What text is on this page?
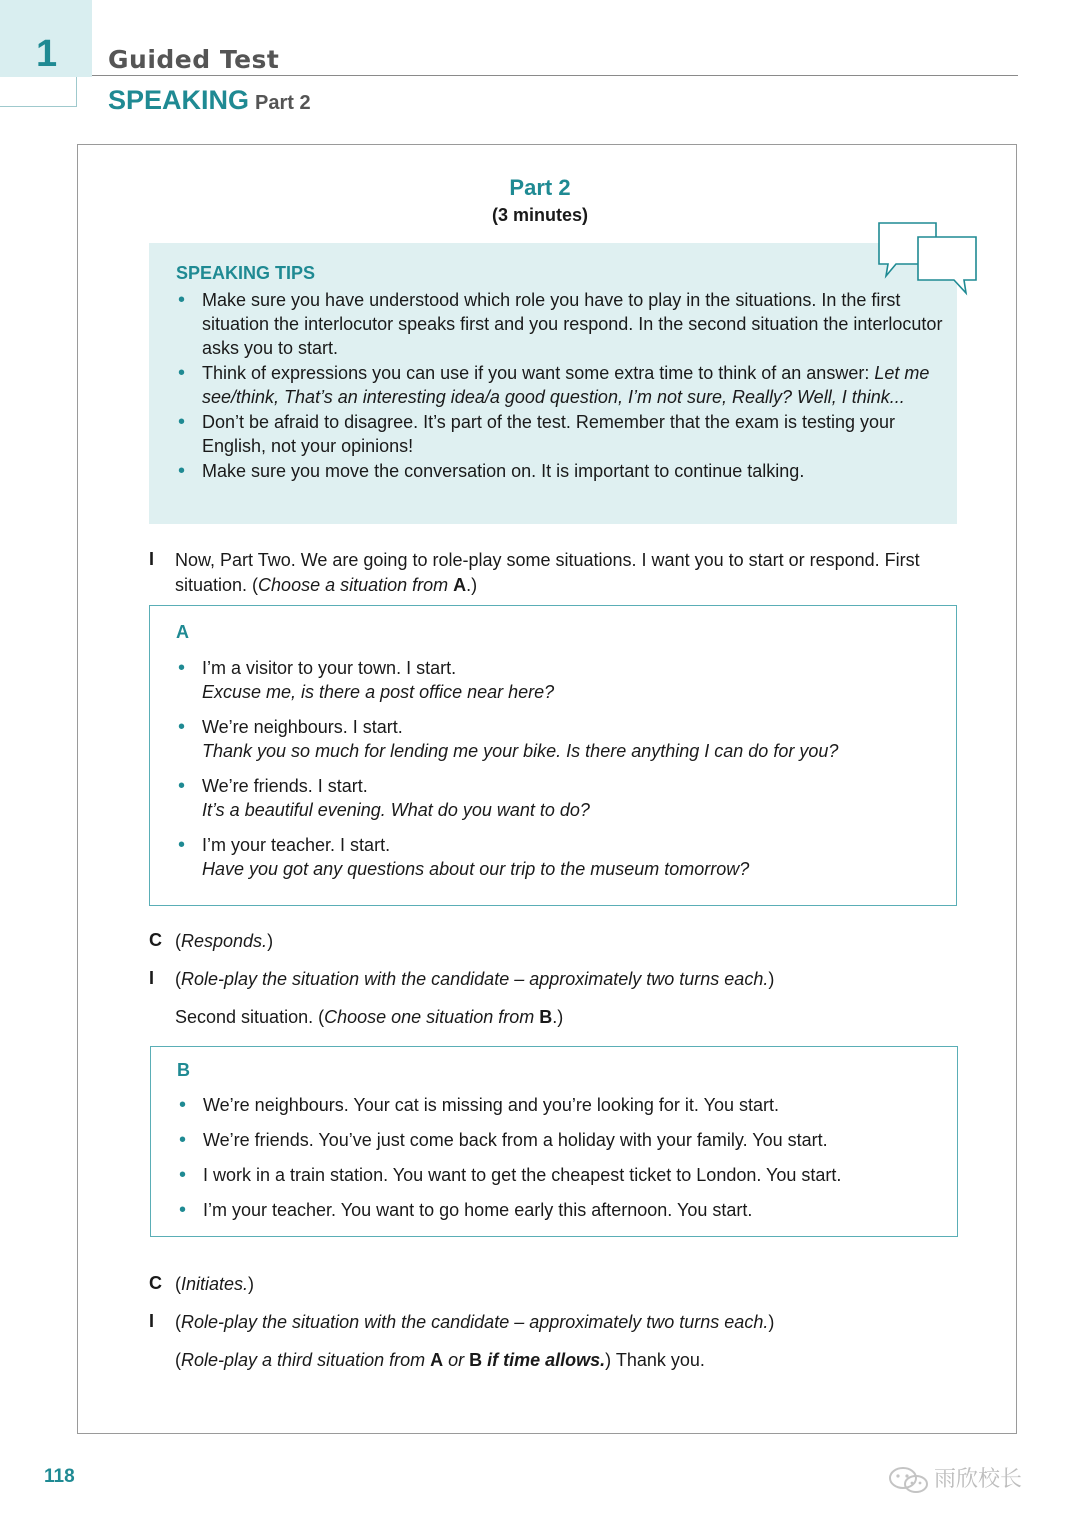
1 Guided Test
SPEAKING Part 2
Part 2
(3 minutes)
SPEAKING TIPS
• Make sure you have understood which role you have to play in the situations. In the first situation the interlocutor speaks first and you respond. In the second situation the interlocutor asks you to start.
• Think of expressions you can use if you want some extra time to think of an answer: Let me see/think, That’s an interesting idea/a good question, I’m not sure, Really? Well, I think...
• Don’t be afraid to disagree. It’s part of the test. Remember that the exam is testing your English, not your opinions!
• Make sure you move the conversation on. It is important to continue talking.
I Now, Part Two. We are going to role-play some situations. I want you to start or respond. First situation. (Choose a situation from A.)
A
• I’m a visitor to your town. I start.
Excuse me, is there a post office near here?
• We’re neighbours. I start.
Thank you so much for lending me your bike. Is there anything I can do for you?
• We’re friends. I start.
It’s a beautiful evening. What do you want to do?
• I’m your teacher. I start.
Have you got any questions about our trip to the museum tomorrow?
C (Responds.)
I (Role-play the situation with the candidate – approximately two turns each.)
Second situation. (Choose one situation from B.)
B
• We’re neighbours. Your cat is missing and you’re looking for it. You start.
• We’re friends. You’ve just come back from a holiday with your family. You start.
• I work in a train station. You want to get the cheapest ticket to London. You start.
• I’m your teacher. You want to go home early this afternoon. You start.
C (Initiates.)
I (Role-play the situation with the candidate – approximately two turns each.)
(Role-play a third situation from A or B if time allows.) Thank you.
118	雨欣校长
